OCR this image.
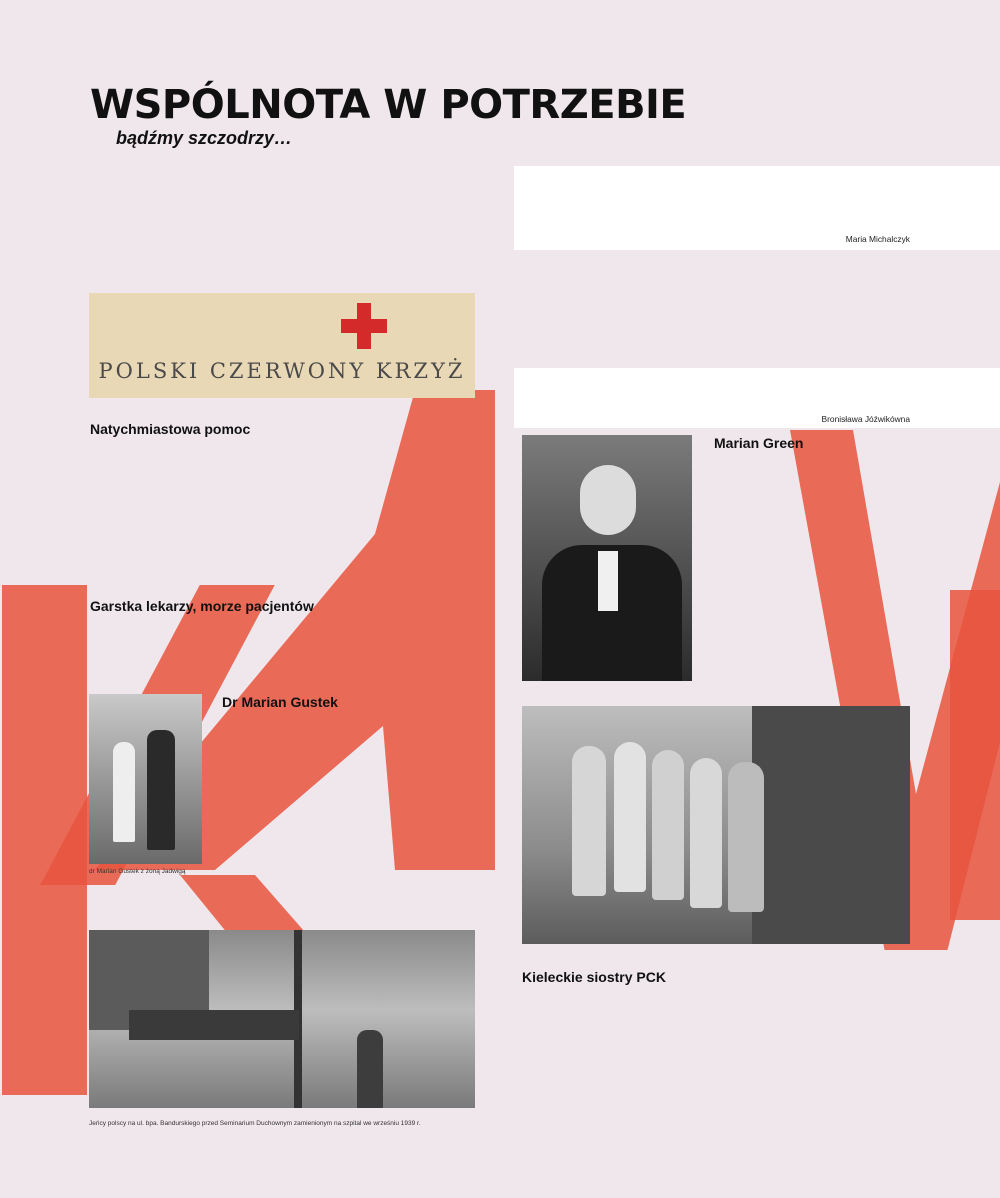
WSPÓLNOTA W POTRZEBIE
bądźmy szczodrzy…
POLSKI CZERWONY KRZYŻ
Natychmiastowa pomoc
Garstka lekarzy, morze pacjentów
dr Marian Gustek z żoną Jadwigą
Dr Marian Gustek
Jeńcy polscy na ul. bpa. Bandurskiego przed Seminarium Duchownym zamienionym na szpital we wrześniu 1939 r.
Maria Michalczyk
Bronisława Jóźwikówna
Marian Green
Kieleckie siostry PCK
